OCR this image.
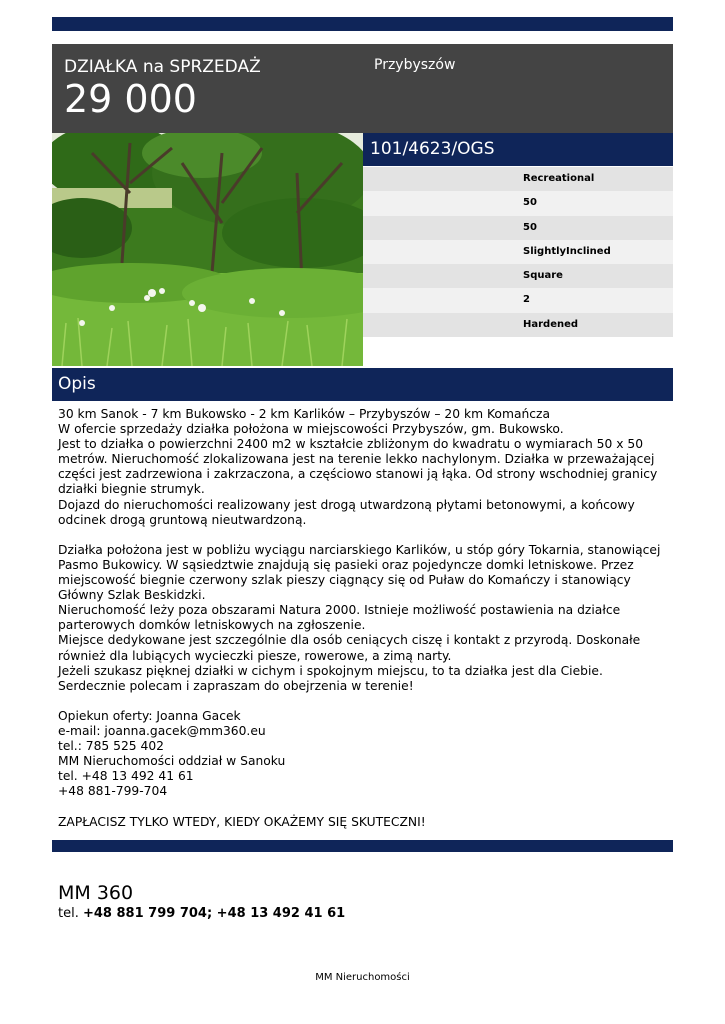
DZIAŁKA na SPRZEDAŻ
29 000
Przybyszów
101/4623/OGS
Recreational
50
50
SlightlyInclined
Square
2
Hardened
Opis
30 km Sanok - 7 km Bukowsko - 2 km Karlików – Przybyszów – 20 km Komańcza
W ofercie sprzedaży działka położona w miejscowości Przybyszów, gm. Bukowsko.
Jest to działka o powierzchni 2400 m2 w kształcie zbliżonym do kwadratu o wymiarach 50 x 50
metrów. Nieruchomość zlokalizowana jest na terenie lekko nachylonym. Działka w przeważającej
części jest zadrzewiona i zakrzaczona, a częściowo stanowi ją łąka. Od strony wschodniej granicy
działki biegnie strumyk.
Dojazd do nieruchomości realizowany jest drogą utwardzoną płytami betonowymi, a końcowy
odcinek drogą gruntową nieutwardzoną.
Działka położona jest w pobliżu wyciągu narciarskiego Karlików, u stóp góry Tokarnia, stanowiącej
Pasmo Bukowicy. W sąsiedztwie znajdują się pasieki oraz pojedyncze domki letniskowe. Przez
miejscowość biegnie czerwony szlak pieszy ciągnący się od Puław do Komańczy i stanowiący
Główny Szlak Beskidzki.
Nieruchomość leży poza obszarami Natura 2000. Istnieje możliwość postawienia na działce
parterowych domków letniskowych na zgłoszenie.
Miejsce dedykowane jest szczególnie dla osób ceniących ciszę i kontakt z przyrodą. Doskonałe
również dla lubiących wycieczki piesze, rowerowe, a zimą narty.
Jeżeli szukasz pięknej działki w cichym i spokojnym miejscu, to ta działka jest dla Ciebie.
Serdecznie polecam i zapraszam do obejrzenia w terenie!
Opiekun oferty: Joanna Gacek
e-mail: joanna.gacek@mm360.eu
tel.: 785 525 402
MM Nieruchomości oddział w Sanoku
tel. +48 13 492 41 61
+48 881-799-704
ZAPŁACISZ TYLKO WTEDY, KIEDY OKAŻEMY SIĘ SKUTECZNI!
MM 360
tel. +48 881 799 704; +48 13 492 41 61
MM Nieruchomości
